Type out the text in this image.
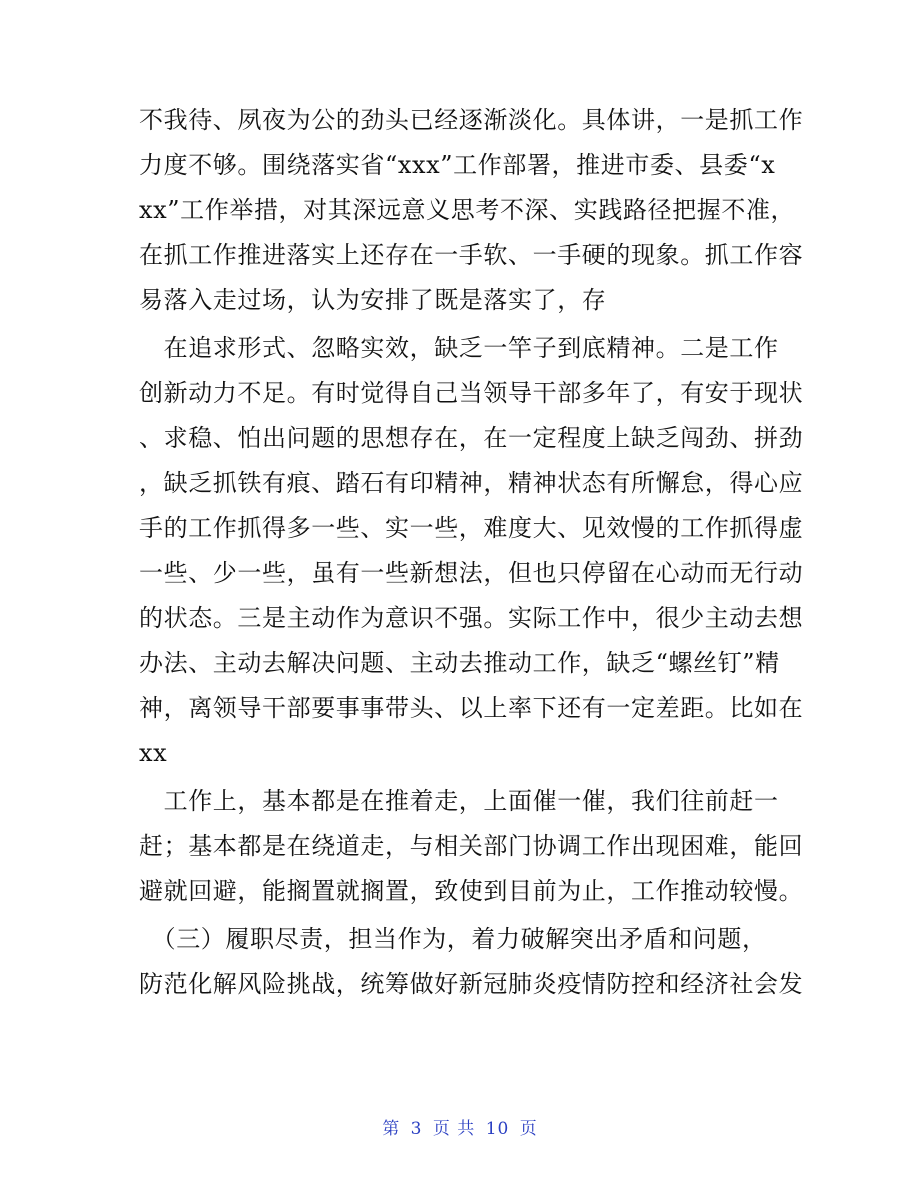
不我待、夙夜为公的劲头已经逐渐淡化。具体讲，一是抓工作
力度不够。围绕落实省“xxx”工作部署，推进市委、县委“x
xx”工作举措，对其深远意义思考不深、实践路径把握不准，
在抓工作推进落实上还存在一手软、一手硬的现象。抓工作容
易落入走过场，认为安排了既是落实了，存
　在追求形式、忽略实效，缺乏一竿子到底精神。二是工作
创新动力不足。有时觉得自己当领导干部多年了，有安于现状
、求稳、怕出问题的思想存在，在一定程度上缺乏闯劲、拼劲
，缺乏抓铁有痕、踏石有印精神，精神状态有所懈怠，得心应
手的工作抓得多一些、实一些，难度大、见效慢的工作抓得虚
一些、少一些，虽有一些新想法，但也只停留在心动而无行动
的状态。三是主动作为意识不强。实际工作中，很少主动去想
办法、主动去解决问题、主动去推动工作，缺乏“螺丝钉”精
神，离领导干部要事事带头、以上率下还有一定差距。比如在
xx
　工作上，基本都是在推着走，上面催一催，我们往前赶一
赶；基本都是在绕道走，与相关部门协调工作出现困难，能回
避就回避，能搁置就搁置，致使到目前为止，工作推动较慢。
　（三）履职尽责，担当作为，着力破解突出矛盾和问题，
防范化解风险挑战，统筹做好新冠肺炎疫情防控和经济社会发
第 3 页 共 10 页
